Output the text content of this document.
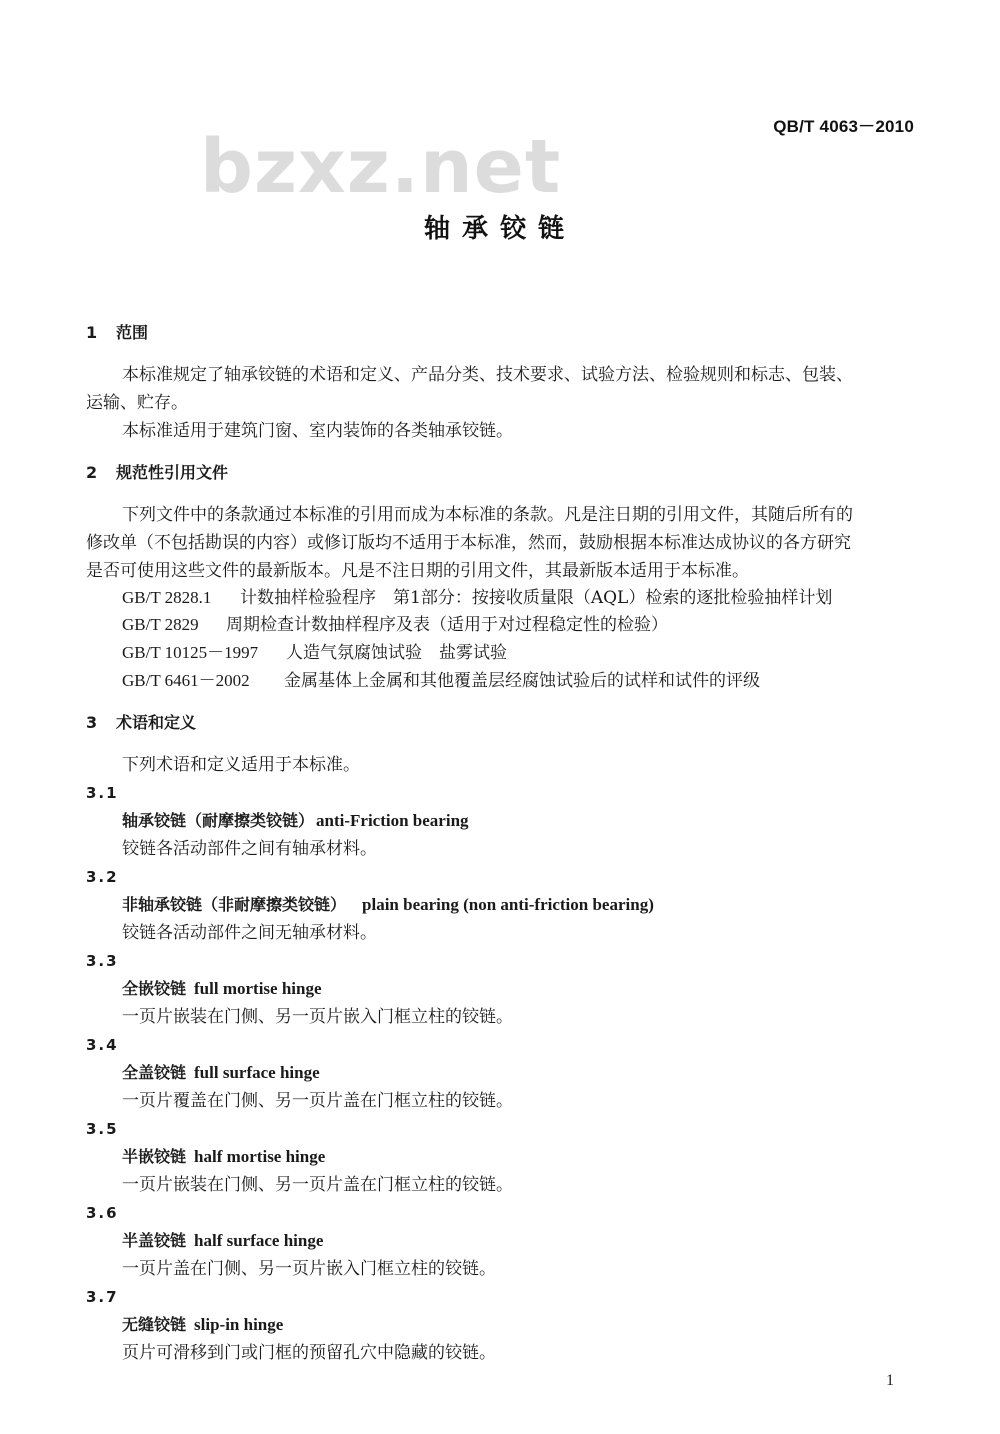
bzxz.net	QB/T 4063－2010
轴承铰链
1 范围
本标准规定了轴承铰链的术语和定义、产品分类、技术要求、试验方法、检验规则和标志、包装、
运输、贮存。
本标准适用于建筑门窗、室内装饰的各类轴承铰链。
2 规范性引用文件
下列文件中的条款通过本标准的引用而成为本标准的条款。凡是注日期的引用文件，其随后所有的
修改单（不包括勘误的内容）或修订版均不适用于本标准，然而，鼓励根据本标准达成协议的各方研究
是否可使用这些文件的最新版本。凡是不注日期的引用文件，其最新版本适用于本标准。
GB/T 2828.1 计数抽样检验程序　第1部分：按接收质量限（AQL）检索的逐批检验抽样计划
GB/T 2829 周期检查计数抽样程序及表（适用于对过程稳定性的检验）
GB/T 10125－1997 人造气氛腐蚀试验　盐雾试验
GB/T 6461－2002 金属基体上金属和其他覆盖层经腐蚀试验后的试样和试件的评级
3 术语和定义
下列术语和定义适用于本标准。
3.1
轴承铰链（耐摩擦类铰链） anti-Friction bearing
铰链各活动部件之间有轴承材料。
3.2
非轴承铰链（非耐摩擦类铰链） plain bearing (non anti-friction bearing)
铰链各活动部件之间无轴承材料。
3.3
全嵌铰链 full mortise hinge
一页片嵌装在门侧、另一页片嵌入门框立柱的铰链。
3.4
全盖铰链 full surface hinge
一页片覆盖在门侧、另一页片盖在门框立柱的铰链。
3.5
半嵌铰链 half mortise hinge
一页片嵌装在门侧、另一页片盖在门框立柱的铰链。
3.6
半盖铰链 half surface hinge
一页片盖在门侧、另一页片嵌入门框立柱的铰链。
3.7
无缝铰链 slip-in hinge
页片可滑移到门或门框的预留孔穴中隐藏的铰链。
1
